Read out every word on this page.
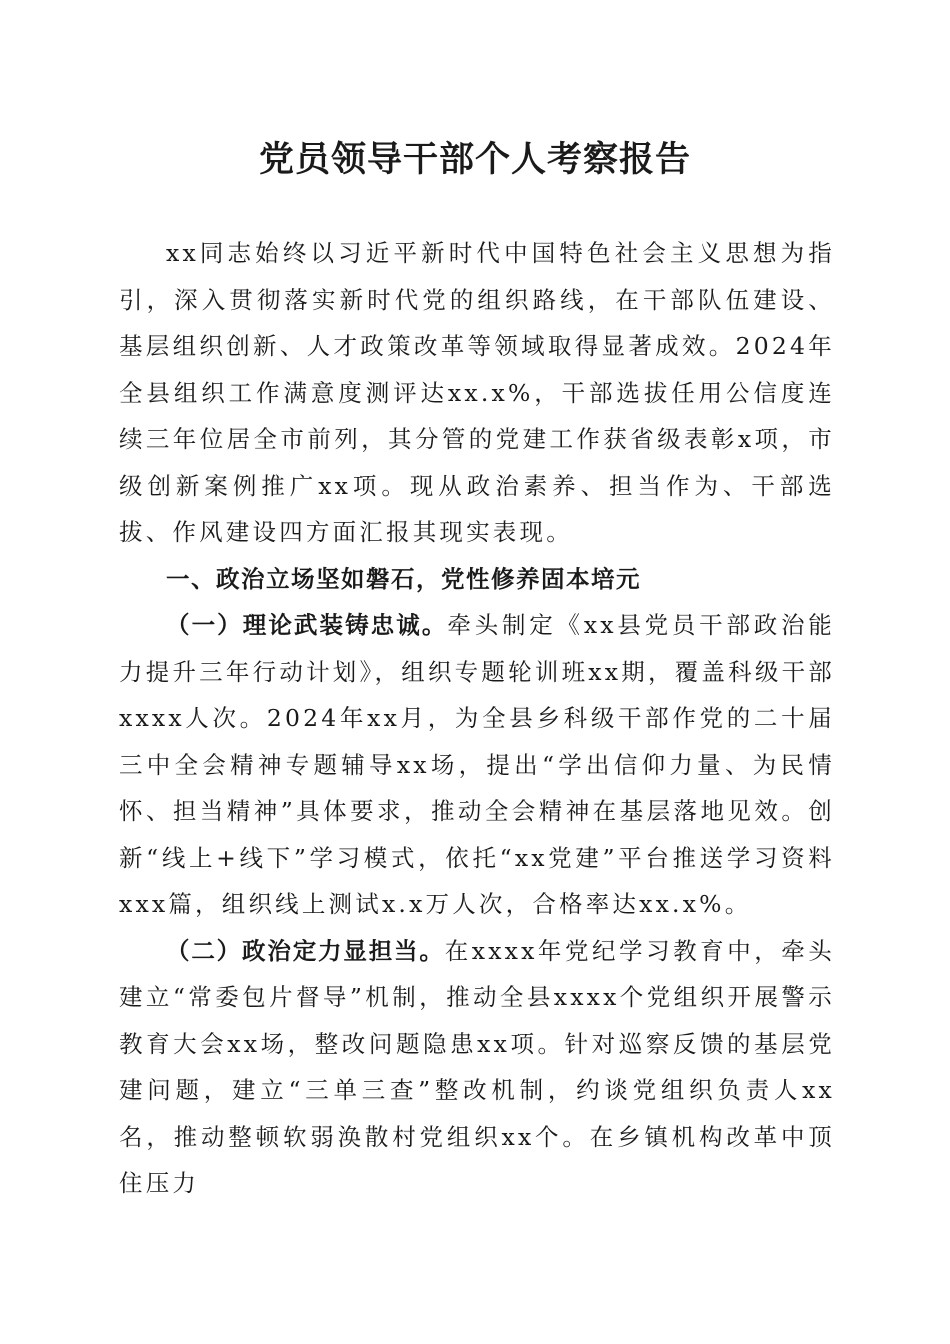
党员领导干部个人考察报告

xx同志始终以习近平新时代中国特色社会主义思想为指引，深入贯彻落实新时代党的组织路线，在干部队伍建设、基层组织创新、人才政策改革等领域取得显著成效。2024年全县组织工作满意度测评达xx.x%，干部选拔任用公信度连续三年位居全市前列，其分管的党建工作获省级表彰x项，市级创新案例推广xx项。现从政治素养、担当作为、干部选拔、作风建设四方面汇报其现实表现。

一、政治立场坚如磐石，党性修养固本培元

（一）理论武装铸忠诚。牵头制定《xx县党员干部政治能力提升三年行动计划》，组织专题轮训班xx期，覆盖科级干部xxxx人次。2024年xx月，为全县乡科级干部作党的二十届三中全会精神专题辅导xx场，提出“学出信仰力量、为民情怀、担当精神”具体要求，推动全会精神在基层落地见效。创新“线上+线下”学习模式，依托“xx党建”平台推送学习资料xxx篇，组织线上测试x.x万人次，合格率达xx.x%。

（二）政治定力显担当。在xxxx年党纪学习教育中，牵头建立“常委包片督导”机制，推动全县xxxx个党组织开展警示教育大会xx场，整改问题隐患xx项。针对巡察反馈的基层党建问题，建立“三单三查”整改机制，约谈党组织负责人xx名，推动整顿软弱涣散村党组织xx个。在乡镇机构改革中顶住压力
